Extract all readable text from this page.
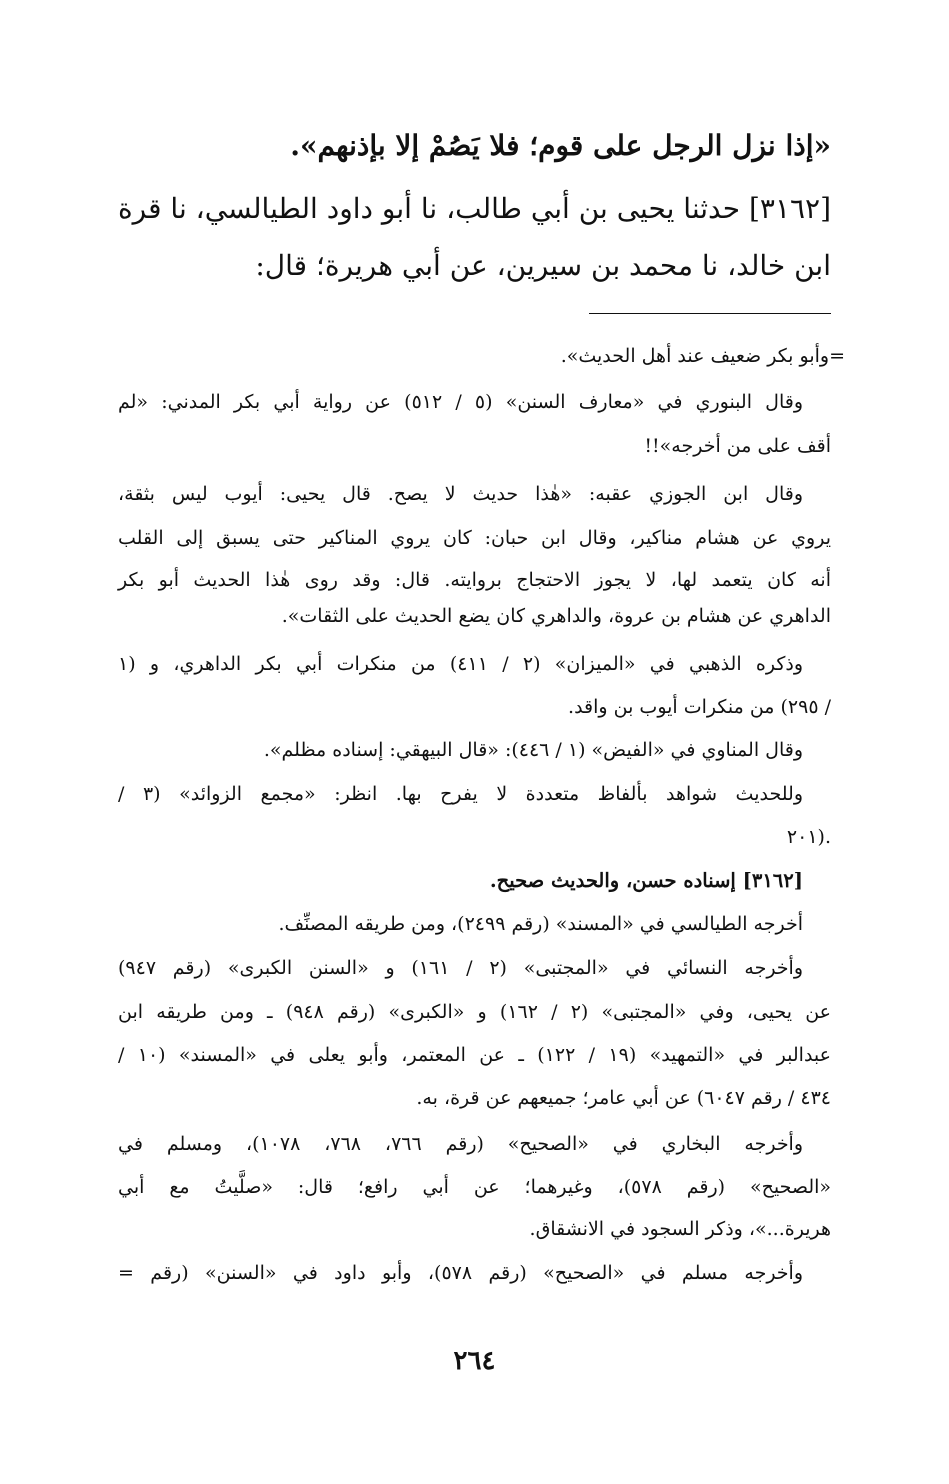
«إذا نزل الرجل على قوم؛ فلا يَصُمْ إلا بإذنهم».
[٣١٦٢] حدثنا يحيى بن أبي طالب، نا أبو داود الطيالسي، نا قرة
ابن خالد، نا محمد بن سيرين، عن أبي هريرة؛ قال:
=وأبو بكر ضعيف عند أهل الحديث».
وقال البنوري في «معارف السنن» (٥ / ٥١٢) عن رواية أبي بكر المدني: «لم
أقف على من أخرجه»!!
وقال ابن الجوزي عقبه: «هٰذا حديث لا يصح. قال يحيى: أيوب ليس بثقة،
يروي عن هشام مناكير، وقال ابن حبان: كان يروي المناكير حتى يسبق إلى القلب
أنه كان يتعمد لها، لا يجوز الاحتجاج بروايته. قال: وقد روى هٰذا الحديث أبو بكر
الداهري عن هشام بن عروة، والداهري كان يضع الحديث على الثقات».
وذكره الذهبي في «الميزان» (٢ / ٤١١) من منكرات أبي بكر الداهري، و (١
/ ٢٩٥) من منكرات أيوب بن واقد.
وقال المناوي في «الفيض» (١ / ٤٤٦): «قال البيهقي: إسناده مظلم».
وللحديث شواهد بألفاظ متعددة لا يفرح بها. انظر: «مجمع الزوائد» (٣ /
٢٠١).
[٣١٦٢] إسناده حسن، والحديث صحيح.
أخرجه الطيالسي في «المسند» (رقم ٢٤٩٩)، ومن طريقه المصنِّف.
وأخرجه النسائي في «المجتبى» (٢ / ١٦١) و «السنن الكبرى» (رقم ٩٤٧)
عن يحيى، وفي «المجتبى» (٢ / ١٦٢) و «الكبرى» (رقم ٩٤٨) ـ ومن طريقه ابن
عبدالبر في «التمهيد» (١٩ / ١٢٢) ـ عن المعتمر، وأبو يعلى في «المسند» (١٠ /
٤٣٤ / رقم ٦٠٤٧) عن أبي عامر؛ جميعهم عن قرة، به.
وأخرجه البخاري في «الصحيح» (رقم ٧٦٦، ٧٦٨، ١٠٧٨)، ومسلم في
«الصحيح» (رقم ٥٧٨)، وغيرهما؛ عن أبي رافع؛ قال: «صلَّيتُ مع أبي
هريرة...»، وذكر السجود في الانشقاق.
وأخرجه مسلم في «الصحيح» (رقم ٥٧٨)، وأبو داود في «السنن» (رقم =
٢٦٤
